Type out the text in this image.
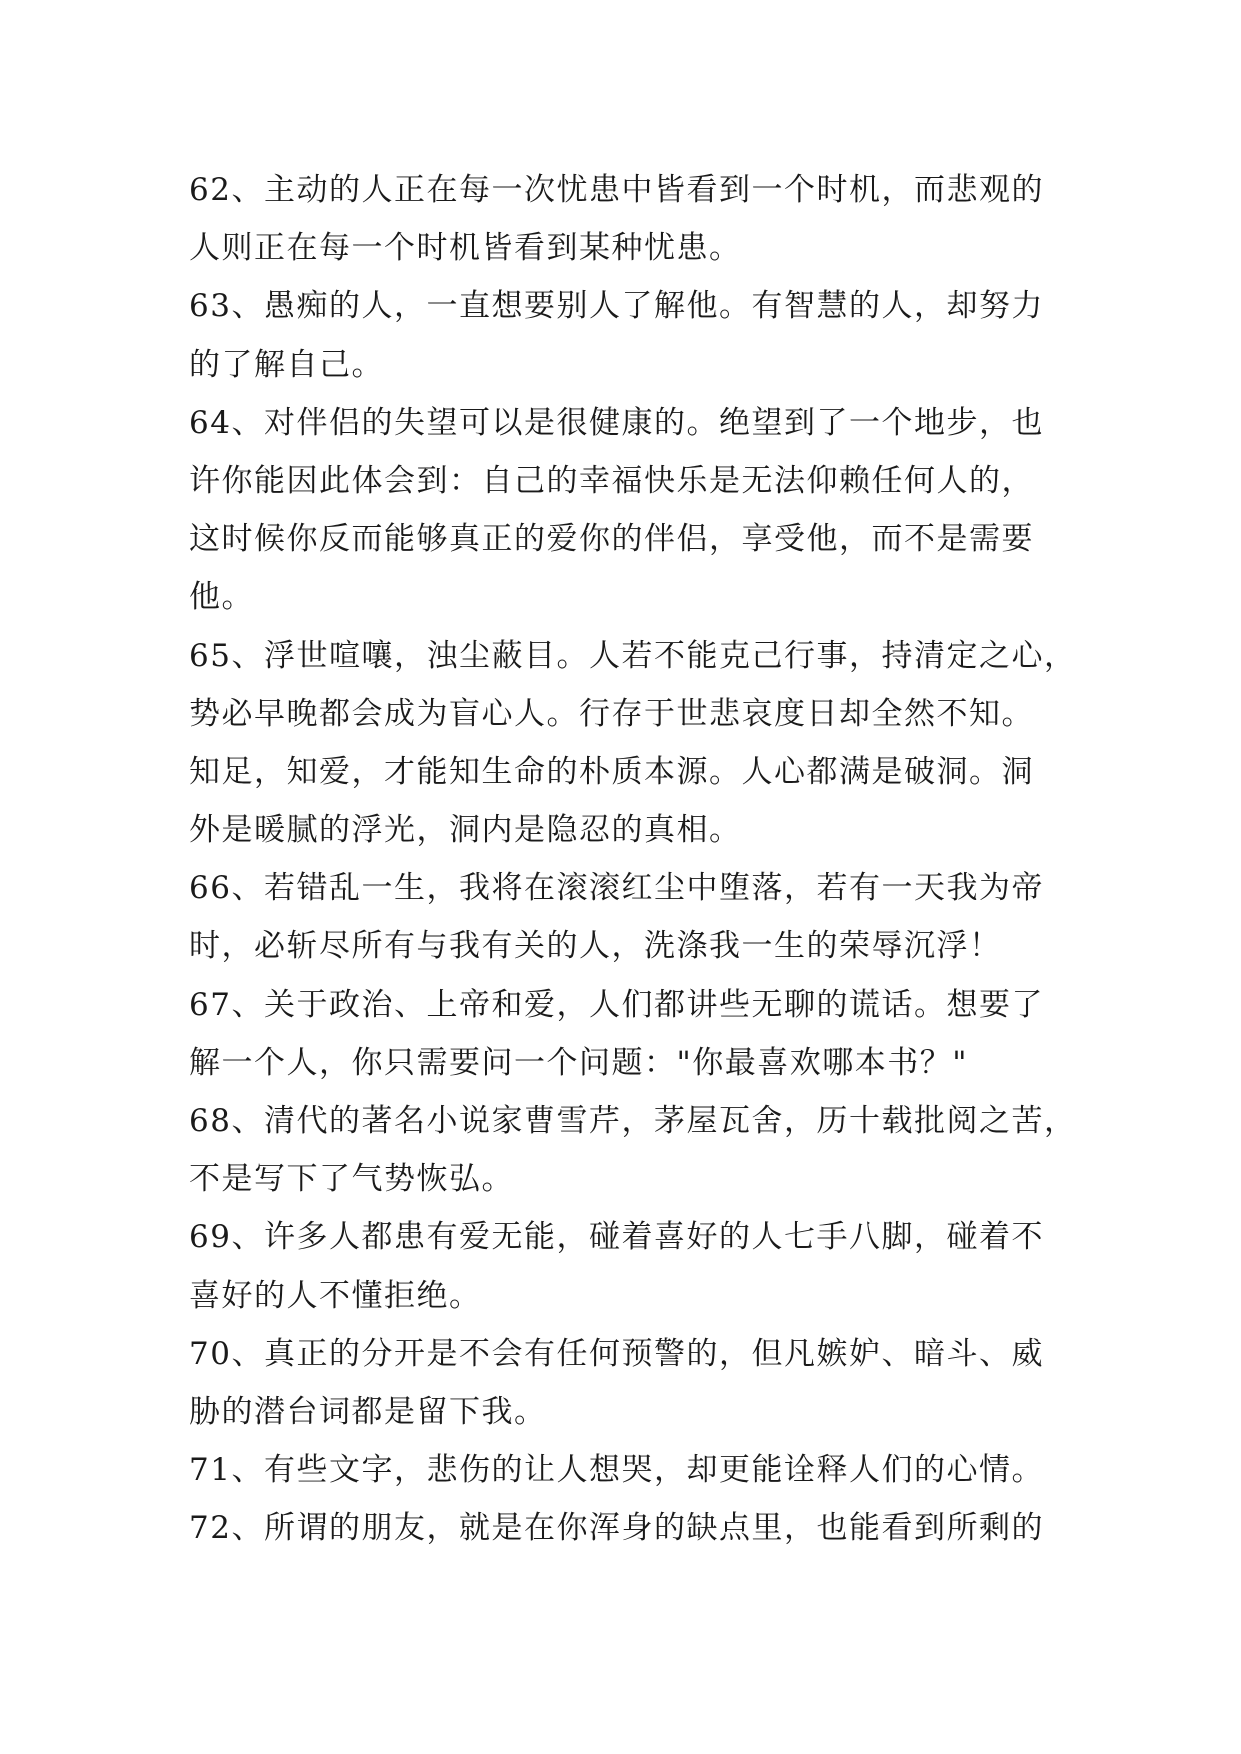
62、主动的人正在每一次忧患中皆看到一个时机，而悲观的
人则正在每一个时机皆看到某种忧患。
63、愚痴的人，一直想要别人了解他。有智慧的人，却努力
的了解自己。
64、对伴侣的失望可以是很健康的。绝望到了一个地步，也
许你能因此体会到：自己的幸福快乐是无法仰赖任何人的，
这时候你反而能够真正的爱你的伴侣，享受他，而不是需要
他。
65、浮世喧嚷，浊尘蔽目。人若不能克己行事，持清定之心，
势必早晚都会成为盲心人。行存于世悲哀度日却全然不知。
知足，知爱，才能知生命的朴质本源。人心都满是破洞。洞
外是暖腻的浮光，洞内是隐忍的真相。
66、若错乱一生，我将在滚滚红尘中堕落，若有一天我为帝
时，必斩尽所有与我有关的人，洗涤我一生的荣辱沉浮！
67、关于政治、上帝和爱，人们都讲些无聊的谎话。想要了
解一个人，你只需要问一个问题："你最喜欢哪本书？"
68、清代的著名小说家曹雪芹，茅屋瓦舍，历十载批阅之苦，
不是写下了气势恢弘。
69、许多人都患有爱无能，碰着喜好的人七手八脚，碰着不
喜好的人不懂拒绝。
70、真正的分开是不会有任何预警的，但凡嫉妒、暗斗、威
胁的潜台词都是留下我。
71、有些文字，悲伤的让人想哭，却更能诠释人们的心情。
72、所谓的朋友，就是在你浑身的缺点里，也能看到所剩的
